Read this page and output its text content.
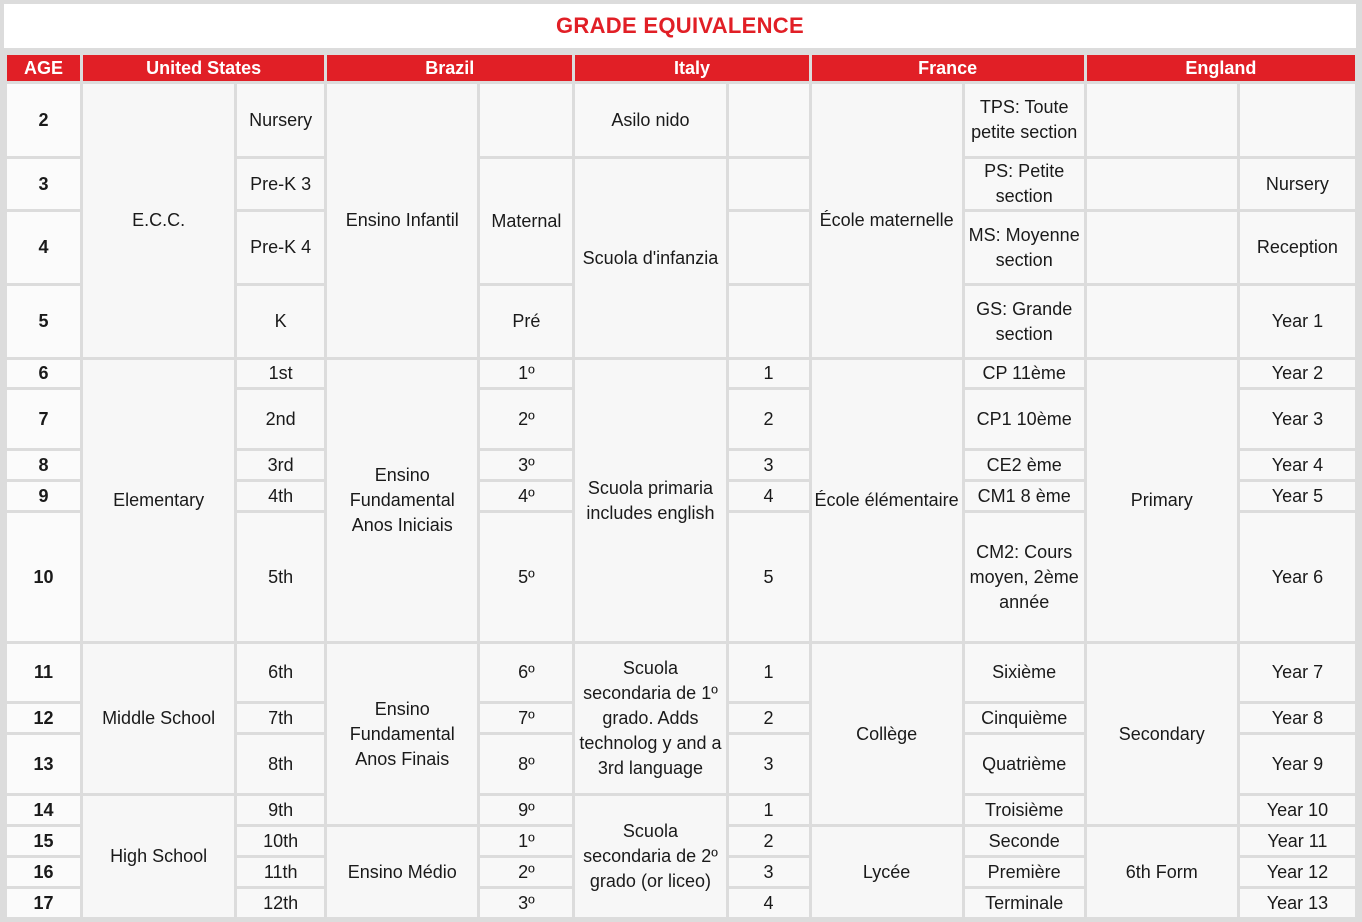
GRADE EQUIVALENCE
AGE	United States		Brazil		Italy		France		England	
2	E.C.C.	Nursery	Ensino Infantil		Asilo nido		École maternelle	TPS: Toute petite section		
3		Pre-K 3		Maternal	Scuola d'infanzia			PS: Petite section		Nursery
4		Pre-K 4						MS: Moyenne section		Reception
5		K		Pré				GS: Grande section		Year 1
6	Elementary	1st	Ensino Fundamental Anos Iniciais	1º	Scuola primaria includes english	1	École élémentaire	CP 11ème	Primary	Year 2
7		2nd		2º		2		CP1 10ème		Year 3
8		3rd		3º		3		CE2 ème		Year 4
9		4th		4º		4		CM1 8 ème		Year 5
10		5th		5º		5		CM2: Cours moyen, 2ème année		Year 6
11	Middle School	6th	Ensino Fundamental Anos Finais	6º	Scuola secondaria de 1º grado. Adds technolog y and a 3rd language	1	Collège	Sixième	Secondary	Year 7
12		7th		7º		2		Cinquième		Year 8
13		8th		8º		3		Quatrième		Year 9
14	High School	9th		9º	Scuola secondaria de 2º grado (or liceo)	1		Troisième		Year 10
15		10th	Ensino Médio	1º		2	Lycée	Seconde	6th Form	Year 11
16		11th		2º		3		Première		Year 12
17		12th		3º		4		Terminale		Year 13
